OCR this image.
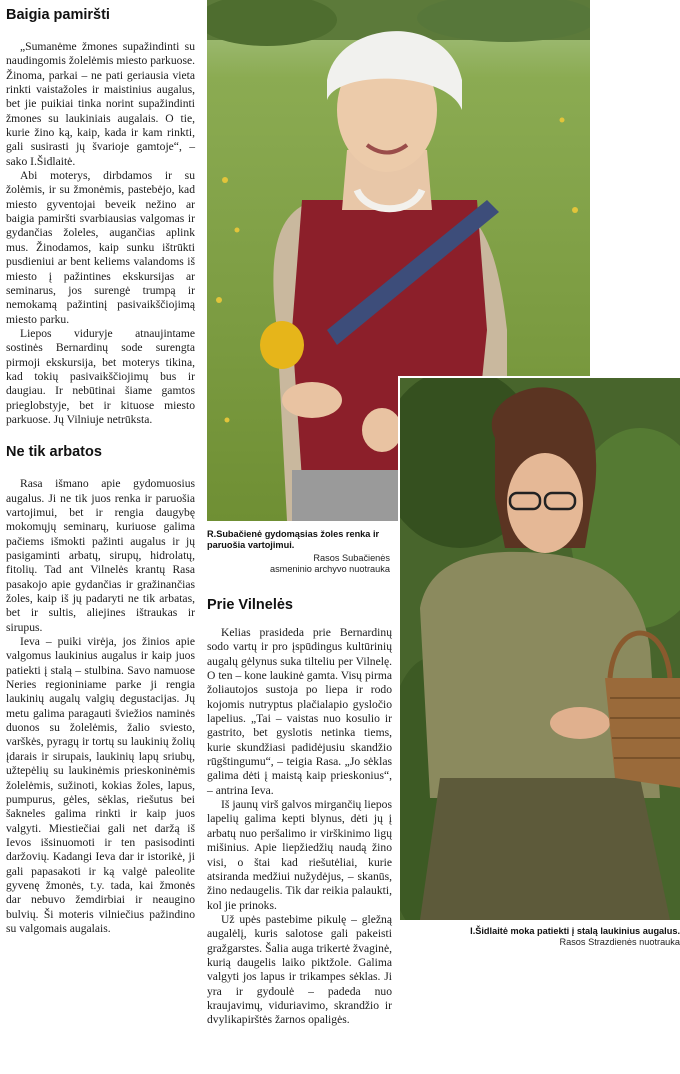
Baigia pamiršti

„Sumanėme žmones supažindinti su naudingomis žolelėmis miesto parkuose. Žinoma, parkai – ne pati geriausia vieta rinkti vaistažoles ir maistinius augalus, bet jie puikiai tinka norint supažindinti žmones su laukiniais augalais. O tie, kurie žino ką, kaip, kada ir kam rinkti, gali susirasti jų švarioje gamtoje“, – sako I.Šidlaitė.

Abi moterys, dirbdamos ir su žolėmis, ir su žmonėmis, pastebėjo, kad miesto gyventojai beveik nežino ar baigia pamiršti svarbiausias valgomas ir gydančias žoleles, augančias aplink mus. Žinodamos, kaip sunku ištrūkti pusdieniui ar bent keliems valandoms iš miesto į pažintines ekskursijas ar seminarus, jos surengė trumpą ir nemokamą pažintinį pasivaikščiojimą miesto parku.

Liepos viduryje atnaujintame sostinės Bernardinų sode surengta pirmoji ekskursija, bet moterys tikina, kad tokių pasivaikščiojimų bus ir daugiau. Ir nebūtinai šiame gamtos prieglobstyje, bet ir kituose miesto parkuose. Jų Vilniuje netrūksta.

Ne tik arbatos

Rasa išmano apie gydomuosius augalus. Ji ne tik juos renka ir paruošia vartojimui, bet ir rengia daugybę mokomųjų seminarų, kuriuose galima pačiems išmokti pažinti augalus ir jų pasigaminti arbatų, sirupų, hidrolatų, fitolių. Tad ant Vilnelės krantų Rasa pasakojo apie gydančias ir gražinančias žoles, kaip iš jų padaryti ne tik arbatas, bet ir sultis, aliejines ištraukas ir sirupus.

Ieva – puiki virėja, jos žinios apie valgomus laukinius augalus ir kaip juos patiekti į stalą – stulbina. Savo namuose Neries regioniniame parke ji rengia laukinių augalų valgių degustacijas. Jų metu galima paragauti šviežios naminės duonos su žolelėmis, žalio sviesto, varškės, pyragų ir tortų su laukinių žolių įdarais ir sirupais, laukinių lapų sriubų, užtepėlių su laukinėmis prieskoninėmis žolelėmis, sužinoti, kokias žoles, lapus, pumpurus, gėles, sėklas, riešutus bei šakneles galima rinkti ir kaip juos valgyti. Miestiečiai gali net daržą iš Ievos išsinuomoti ir ten pasisodinti daržovių. Kadangi Ieva dar ir istorikė, ji gali papasakoti ir ką valgė paleolite gyvenę žmonės, t.y. tada, kai žmonės dar nebuvo žemdirbiai ir neaugino bulvių. Ši moteris vilniečius pažindino su valgomais augalais.

R.Subačienė gydomąsias žoles renka ir paruošia vartojimui.
Rasos Subačienės
asmeninio archyvo nuotrauka
Prie Vilnelės

Kelias prasideda prie Bernardinų sodo vartų ir pro įspūdingus kultūrinių augalų gėlynus suka tilteliu per Vilnelę. O ten – kone laukinė gamta. Visų pirma žoliautojos sustoja po liepa ir rodo kojomis nutryptus plačialapio gysločio lapelius. „Tai – vaistas nuo kosulio ir gastrito, bet gyslotis netinka tiems, kurie skundžiasi padidėjusiu skandžio rūgštingumu“, – teigia Rasa. „Jo sėklas galima dėti į maistą kaip prieskonius“, – antrina Ieva.

Iš jaunų virš galvos mirgančių liepos lapelių galima kepti blynus, dėti jų į arbatų nuo peršalimo ir virškinimo ligų mišinius. Apie liepžiedžių naudą žino visi, o štai kad riešutėliai, kurie atsiranda medžiui nužydėjus, – skanūs, žino nedaugelis. Tik dar reikia palaukti, kol jie prinoks.

Už upės pastebime pikulę – gležną augalėlį, kuris salotose gali pakeisti gražgarstes. Šalia auga trikertė žvaginė, kurią daugelis laiko piktžole. Galima valgyti jos lapus ir trikampes sėklas. Ji yra ir gydoulė – padeda nuo kraujavimų, viduriavimo, skrandžio ir dvylikapirštės žarnos opaligės.

I.Šidlaitė moka patiekti į stalą laukinius augalus.
Rasos Strazdienės nuotrauka
